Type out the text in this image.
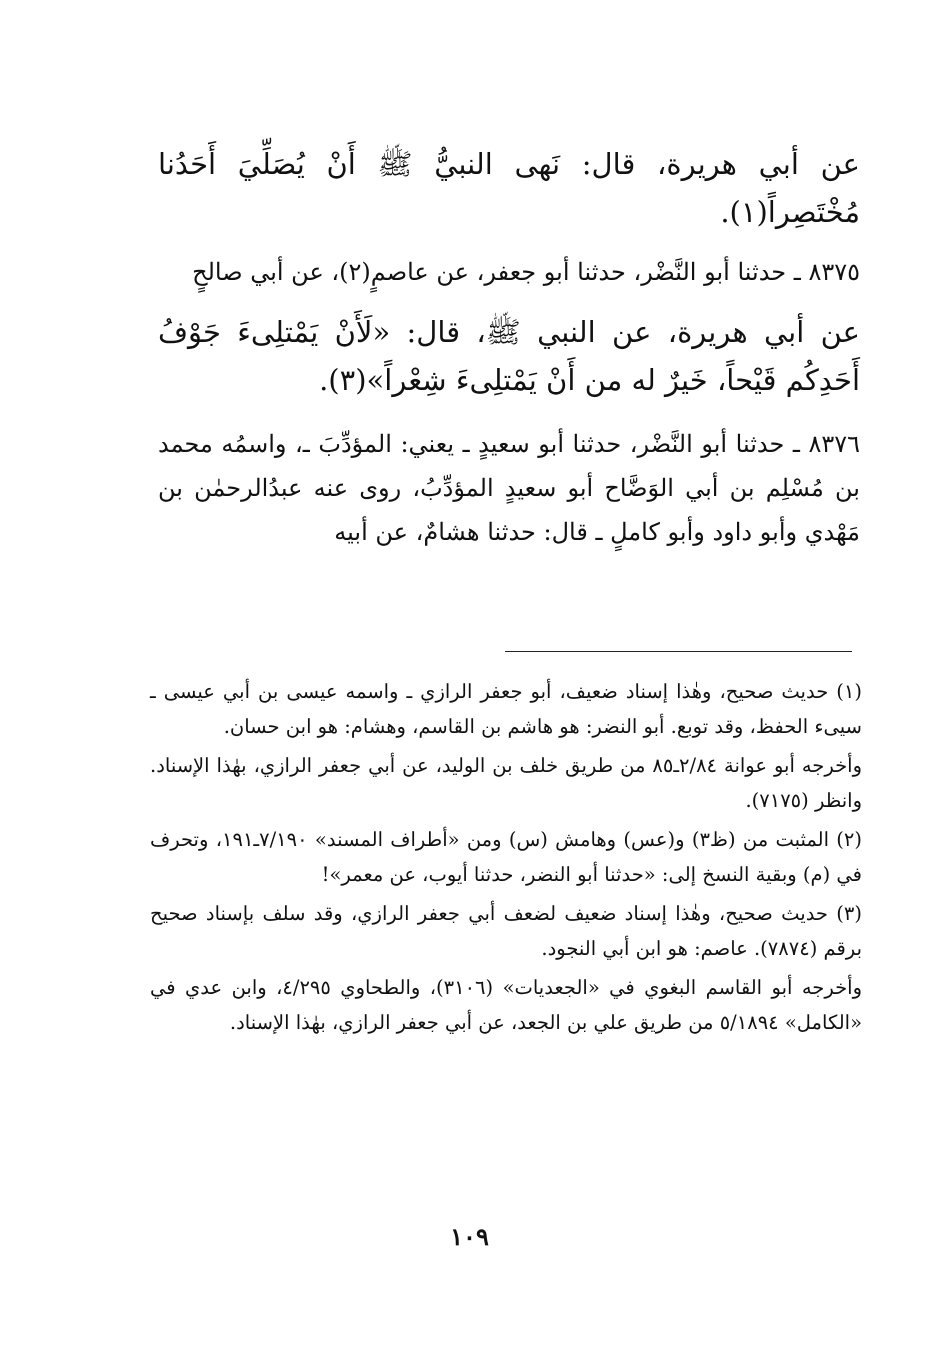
عن أبي هريرة، قال: نَهى النبيُّ ﷺ أَنْ يُصَلِّيَ أَحَدُنا مُخْتَصِراً(١).

٨٣٧٥ ـ حدثنا أبو النَّضْر، حدثنا أبو جعفر، عن عاصمٍ(٢)، عن أبي صالحٍ

عن أبي هريرة، عن النبي ﷺ، قال: «لَأَنْ يَمْتلِىءَ جَوْفُ أَحَدِكُم قَيْحاً، خَيرٌ له من أَنْ يَمْتلِىءَ شِعْراً»(٣).

٨٣٧٦ ـ حدثنا أبو النَّضْر، حدثنا أبو سعيدٍ ـ يعني: المؤدِّبَ ـ، واسمُه محمد بن مُسْلِم بن أبي الوَضَّاح أبو سعيدٍ المؤدِّبُ، روى عنه عبدُالرحمٰن بن مَهْدي وأبو داود وأبو كاملٍ ـ قال: حدثنا هشامٌ، عن أبيه

(١) حديث صحيح، وهٰذا إسناد ضعيف، أبو جعفر الرازي ـ واسمه عيسى بن أبي عيسى ـ سيىء الحفظ، وقد توبع. أبو النضر: هو هاشم بن القاسم، وهشام: هو ابن حسان.

وأخرجه أبو عوانة ٢/٨٤ـ٨٥ من طريق خلف بن الوليد، عن أبي جعفر الرازي، بهٰذا الإسناد. وانظر (٧١٧٥).

(٢) المثبت من (ظ٣) و(عس) وهامش (س) ومن «أطراف المسند» ٧/١٩٠ـ١٩١، وتحرف في (م) وبقية النسخ إلى: «حدثنا أبو النضر، حدثنا أيوب، عن معمر»!

(٣) حديث صحيح، وهٰذا إسناد ضعيف لضعف أبي جعفر الرازي، وقد سلف بإسناد صحيح برقم (٧٨٧٤). عاصم: هو ابن أبي النجود.

وأخرجه أبو القاسم البغوي في «الجعديات» (٣١٠٦)، والطحاوي ٤/٢٩٥، وابن عدي في «الكامل» ٥/١٨٩٤ من طريق علي بن الجعد، عن أبي جعفر الرازي، بهٰذا الإسناد.

١٠٩
